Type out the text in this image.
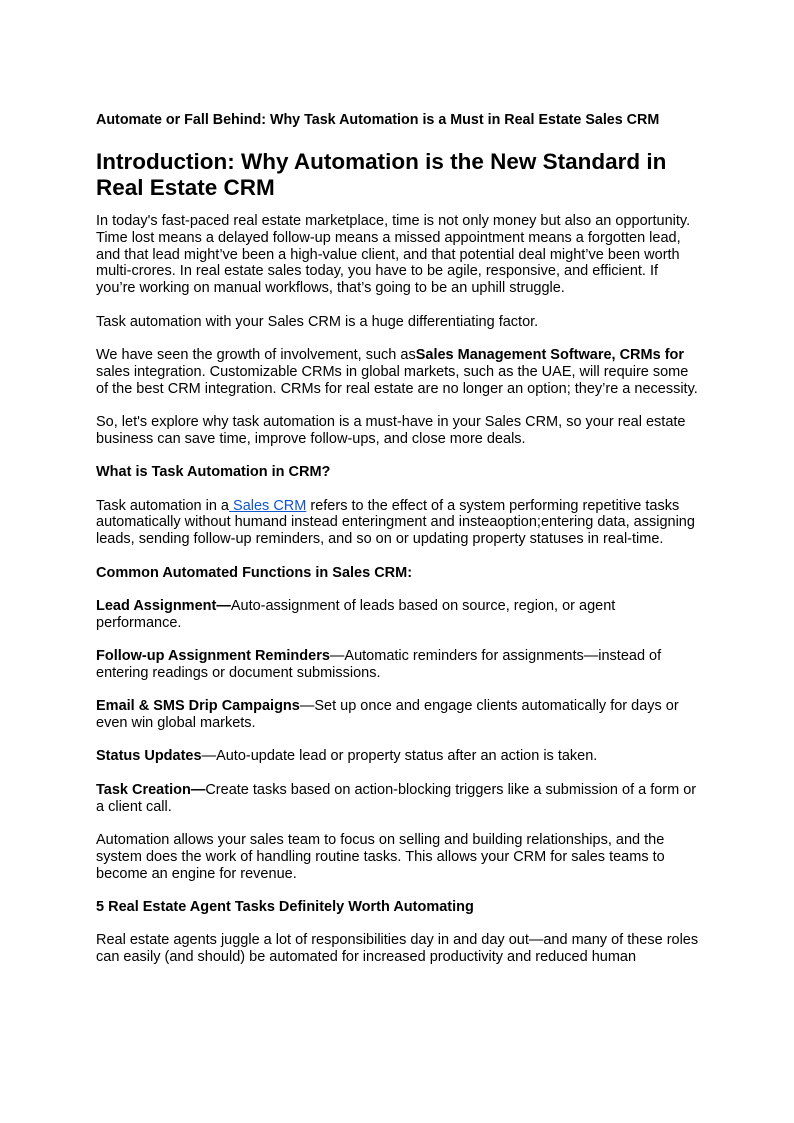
Automate or Fall Behind: Why Task Automation is a Must in Real Estate Sales CRM
Introduction: Why Automation is the New Standard in Real Estate CRM

In today's fast-paced real estate marketplace, time is not only money but also an opportunity. Time lost means a delayed follow-up means a missed appointment means a forgotten lead, and that lead might’ve been a high-value client, and that potential deal might’ve been worth multi-crores. In real estate sales today, you have to be agile, responsive, and efficient. If you’re working on manual workflows, that’s going to be an uphill struggle.

Task automation with your Sales CRM is a huge differentiating factor.

We have seen the growth of involvement, such asSales Management Software, CRMs for sales integration. Customizable CRMs in global markets, such as the UAE, will require some of the best CRM integration. CRMs for real estate are no longer an option; they’re a necessity.

So, let's explore why task automation is a must-have in your Sales CRM, so your real estate business can save time, improve follow-ups, and close more deals.

What is Task Automation in CRM?

Task automation in a Sales CRM refers to the effect of a system performing repetitive tasks automatically without humand instead enteringment and insteaoption;entering data, assigning leads, sending follow-up reminders, and so on or updating property statuses in real-time.

Common Automated Functions in Sales CRM:

Lead Assignment—Auto-assignment of leads based on source, region, or agent performance.

Follow-up Assignment Reminders—Automatic reminders for assignments—instead of entering readings or document submissions.

Email & SMS Drip Campaigns—Set up once and engage clients automatically for days or even win global markets.

Status Updates—Auto-update lead or property status after an action is taken.

Task Creation—Create tasks based on action-blocking triggers like a submission of a form or a client call.

Automation allows your sales team to focus on selling and building relationships, and the system does the work of handling routine tasks. This allows your CRM for sales teams to become an engine for revenue.

5 Real Estate Agent Tasks Definitely Worth Automating

Real estate agents juggle a lot of responsibilities day in and day out—and many of these roles can easily (and should) be automated for increased productivity and reduced human
